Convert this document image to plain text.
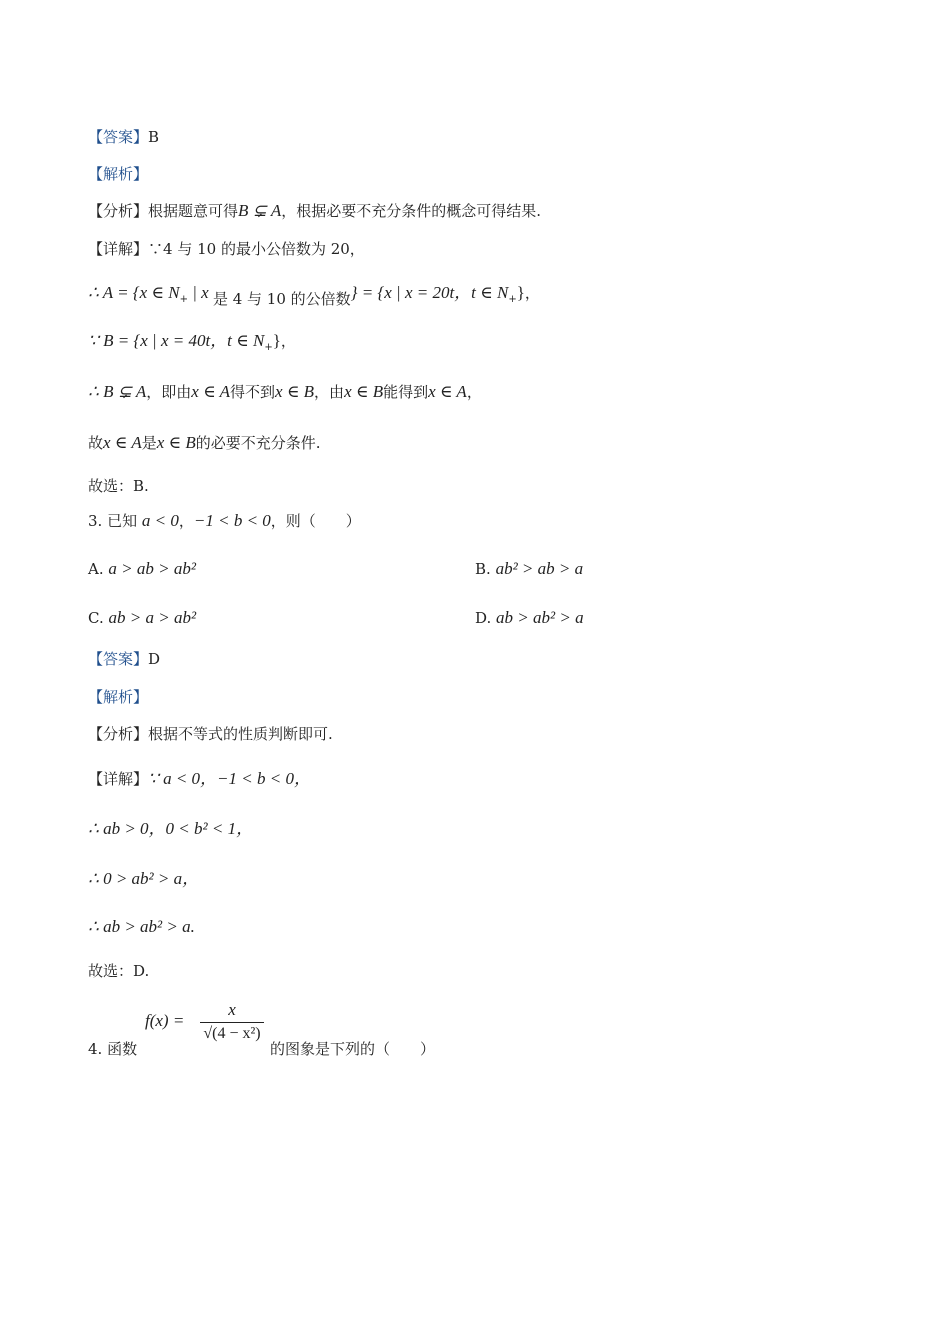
【答案】B
【解析】
【分析】根据题意可得B ⊊ A，根据必要不充分条件的概念可得结果.
【详解】∵4 与 10 的最小公倍数为 20，
∴ A = {x ∈ $N_+$ | x 是 4 与 10 的公倍数} = {x | x = 20t，t ∈ $N_+$}，
∵ B = {x | x = 40t，t ∈ $N_+$}，
∴ B ⊊ A，即由x ∈ A得不到x ∈ B，由x ∈ B能得到x ∈ A，
故x ∈ A是x ∈ B的必要不充分条件.
故选：B.
3. 已知 a < 0，−1 < b < 0，则（　　）
A. a > ab > ab²	B. ab² > ab > a
C. ab > a > ab²	D. ab > ab² > a
【答案】D
【解析】
【分析】根据不等式的性质判断即可.
【详解】∵ a < 0，−1 < b < 0，
∴ ab > 0，0 < b² < 1，
∴ 0 > ab² > a，
∴ ab > ab² > a.
故选：D.
4. 函数
$f(x) = \frac{x}{\text{√(4 − x²)}}$
的图象是下列的（　　）
